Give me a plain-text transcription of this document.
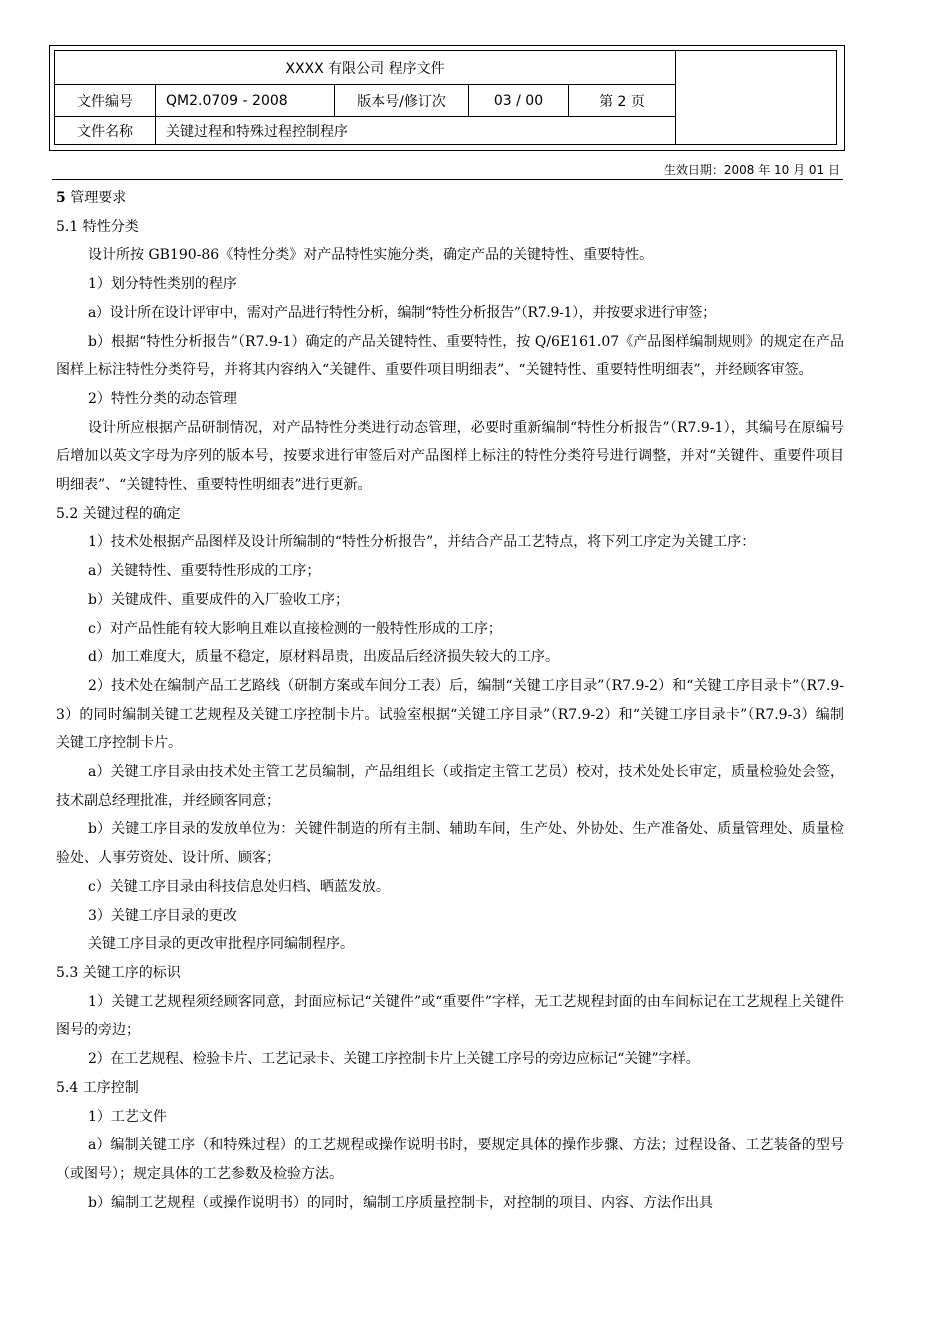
XXXX 有限公司 程序文件
文件编号	QM2.0709 - 2008	版本号/修订次	03 / 00	第 2 页
文件名称	关键过程和特殊过程控制程序
生效日期：2008 年 10 月 01 日

5 管理要求

5.1 特性分类

设计所按 GB190-86《特性分类》对产品特性实施分类，确定产品的关键特性、重要特性。

1）划分特性类别的程序

a）设计所在设计评审中，需对产品进行特性分析，编制“特性分析报告”（R7.9-1），并按要求进行审签；

b）根据“特性分析报告”（R7.9-1）确定的产品关键特性、重要特性，按 Q/6E161.07《产品图样编制规则》的规定在产品图样上标注特性分类符号，并将其内容纳入“关键件、重要件项目明细表”、“关键特性、重要特性明细表”，并经顾客审签。

2）特性分类的动态管理

设计所应根据产品研制情况，对产品特性分类进行动态管理，必要时重新编制“特性分析报告”（R7.9-1），其编号在原编号后增加以英文字母为序列的版本号，按要求进行审签后对产品图样上标注的特性分类符号进行调整，并对“关键件、重要件项目明细表”、“关键特性、重要特性明细表”进行更新。

5.2 关键过程的确定

1）技术处根据产品图样及设计所编制的“特性分析报告”，并结合产品工艺特点，将下列工序定为关键工序：

a）关键特性、重要特性形成的工序；

b）关键成件、重要成件的入厂验收工序；

c）对产品性能有较大影响且难以直接检测的一般特性形成的工序；

d）加工难度大，质量不稳定，原材料昂贵，出废品后经济损失较大的工序。

2）技术处在编制产品工艺路线（研制方案或车间分工表）后，编制“关键工序目录”（R7.9-2）和“关键工序目录卡”（R7.9-3）的同时编制关键工艺规程及关键工序控制卡片。试验室根据“关键工序目录”（R7.9-2）和“关键工序目录卡”（R7.9-3）编制关键工序控制卡片。

a）关键工序目录由技术处主管工艺员编制，产品组组长（或指定主管工艺员）校对，技术处处长审定，质量检验处会签，技术副总经理批准，并经顾客同意；

b）关键工序目录的发放单位为：关键件制造的所有主制、辅助车间，生产处、外协处、生产准备处、质量管理处、质量检验处、人事劳资处、设计所、顾客；

c）关键工序目录由科技信息处归档、晒蓝发放。

3）关键工序目录的更改

关键工序目录的更改审批程序同编制程序。

5.3 关键工序的标识

1）关键工艺规程须经顾客同意，封面应标记“关键件”或“重要件”字样，无工艺规程封面的由车间标记在工艺规程上关键件图号的旁边；

2）在工艺规程、检验卡片、工艺记录卡、关键工序控制卡片上关键工序号的旁边应标记“关键”字样。

5.4 工序控制

1）工艺文件

a）编制关键工序（和特殊过程）的工艺规程或操作说明书时，要规定具体的操作步骤、方法；过程设备、工艺装备的型号（或图号）；规定具体的工艺参数及检验方法。

b）编制工艺规程（或操作说明书）的同时，编制工序质量控制卡，对控制的项目、内容、方法作出具
